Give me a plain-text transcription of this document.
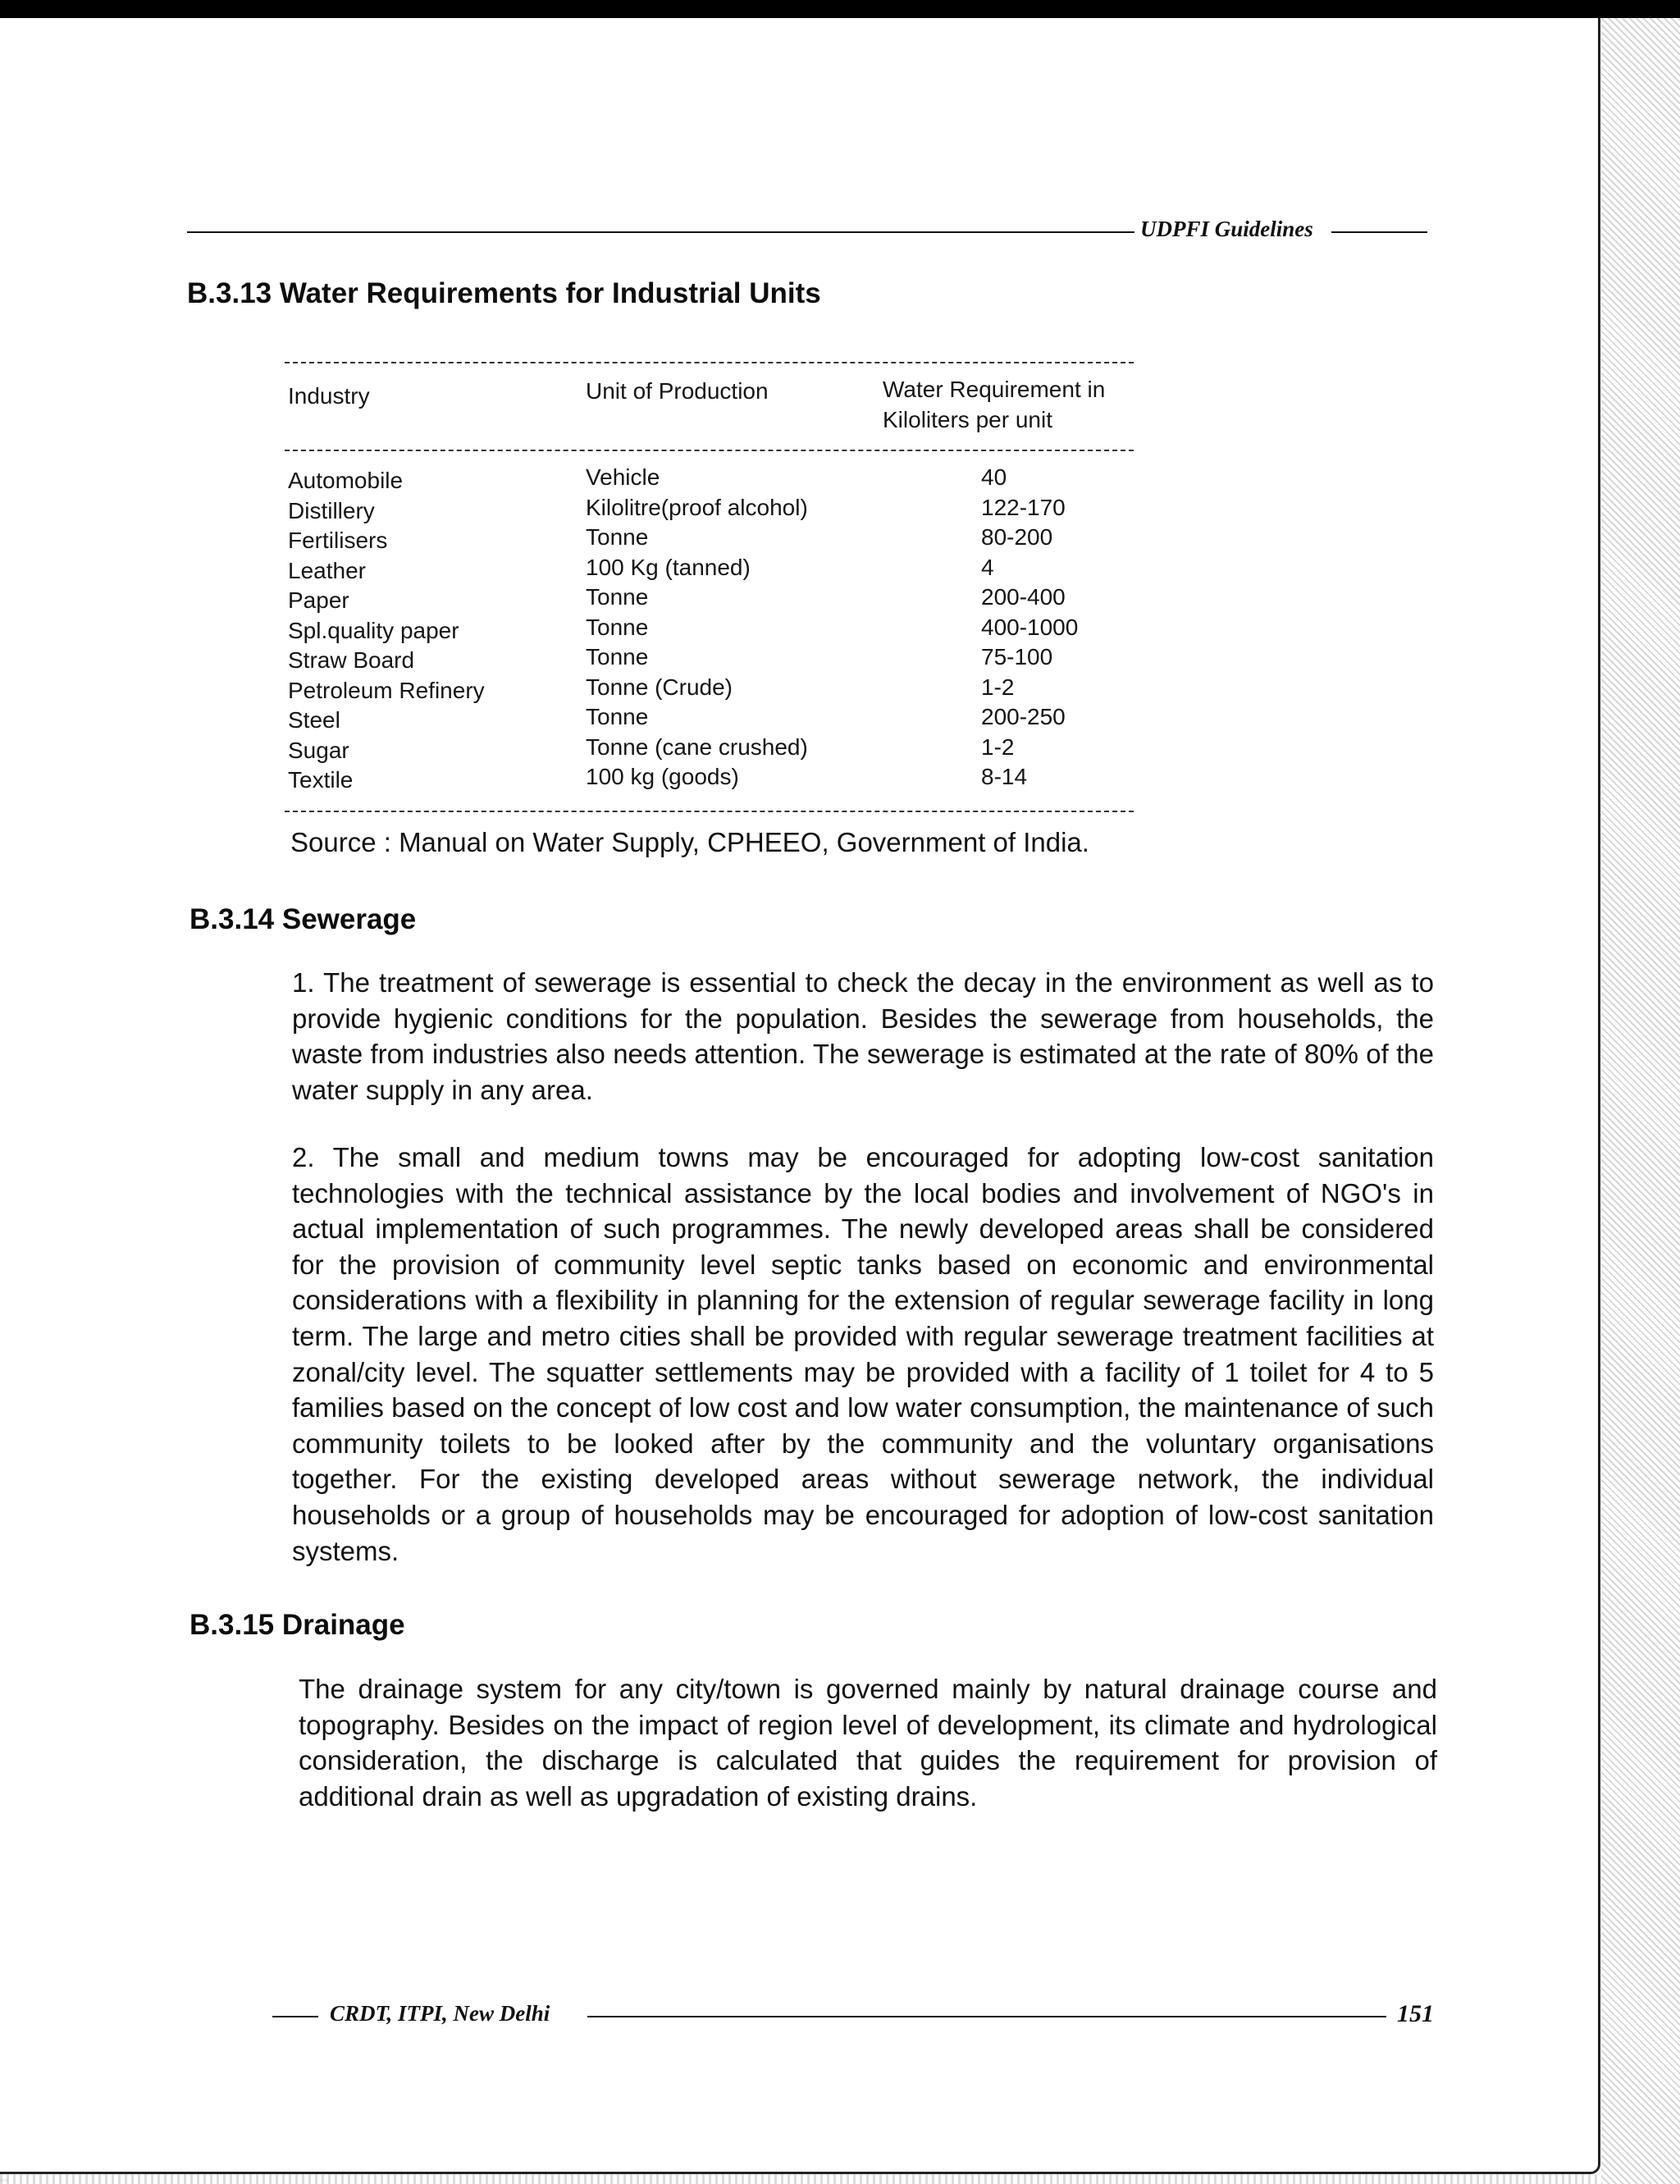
UDPFI Guidelines
B.3.13 Water Requirements for Industrial Units
Industry	Unit of Production	Water Requirement in
Kiloliters per unit
Automobile	Vehicle	40
Distillery	Kilolitre(proof alcohol)	122-170
Fertilisers	Tonne	80-200
Leather	100 Kg (tanned)	4
Paper	Tonne	200-400
Spl.quality paper	Tonne	400-1000
Straw Board	Tonne	75-100
Petroleum Refinery	Tonne (Crude)	1-2
Steel	Tonne	200-250
Sugar	Tonne (cane crushed)	1-2
Textile	100 kg (goods)	8-14
Source : Manual on Water Supply, CPHEEO, Government of India.
B.3.14 Sewerage

1. The treatment of sewerage is essential to check the decay in the environment as well as to provide hygienic conditions for the population. Besides the sewerage from households, the waste from industries also needs attention. The sewerage is estimated at the rate of 80% of the water supply in any area.

2. The small and medium towns may be encouraged for adopting low-cost sanitation technologies with the technical assistance by the local bodies and involvement of NGO's in actual implementation of such programmes. The newly developed areas shall be considered for the provision of community level septic tanks based on economic and environmental considerations with a flexibility in planning for the extension of regular sewerage facility in long term. The large and metro cities shall be provided with regular sewerage treatment facilities at zonal/city level. The squatter settlements may be provided with a facility of 1 toilet for 4 to 5 families based on the concept of low cost and low water consumption, the maintenance of such community toilets to be looked after by the community and the voluntary organisations together. For the existing developed areas without sewerage network, the individual households or a group of households may be encouraged for adoption of low-cost sanitation systems.

B.3.15 Drainage

The drainage system for any city/town is governed mainly by natural drainage course and topography. Besides on the impact of region level of development, its climate and hydrological consideration, the discharge is calculated that guides the requirement for provision of additional drain as well as upgradation of existing drains.

CRDT, ITPI, New Delhi	151
